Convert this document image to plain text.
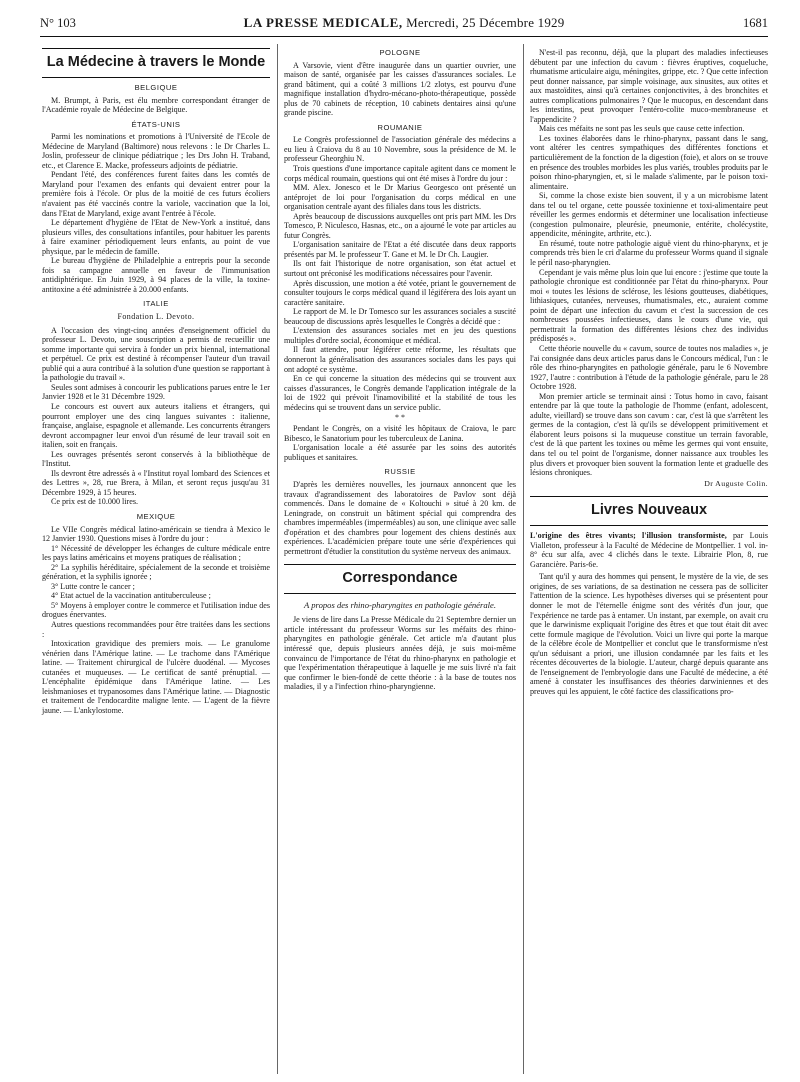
N° 103	LA PRESSE MEDICALE, Mercredi, 25 Décembre 1929	1681
La Médecine à travers le Monde
BELGIQUE

M. Brumpt, à Paris, est élu membre correspondant étranger de l'Académie royale de Médecine de Belgique.

ÉTATS-UNIS

Parmi les nominations et promotions à l'Université de l'Ecole de Médecine de Maryland (Baltimore) nous relevons : le Dr Charles L. Joslin, professeur de clinique pédiatrique ; les Drs John H. Traband, etc., et Clarence E. Macke, professeurs adjoints de pédiatrie.

Pendant l'été, des conférences furent faites dans les comtés de Maryland pour l'examen des enfants qui devaient entrer pour la première fois à l'école. Or plus de la moitié de ces futurs écoliers n'avaient pas été vaccinés contre la variole, vaccination que la loi, dans l'Etat de Maryland, exige avant l'entrée à l'école.

Le département d'hygiène de l'Etat de New-York a institué, dans plusieurs villes, des consultations infantiles, pour habituer les parents à faire examiner périodiquement leurs enfants, au point de vue physique, par le médecin de famille.

Le bureau d'hygiène de Philadelphie a entrepris pour la seconde fois sa campagne annuelle en faveur de l'immunisation antidiphtérique. En Juin 1929, à 94 places de la ville, la toxine-antitoxine a été administrée à 20.000 enfants.

ITALIE
Fondation L. Devoto.

A l'occasion des vingt-cinq années d'enseignement officiel du professeur L. Devoto, une souscription a permis de recueillir une somme importante qui servira à fonder un prix biennal, international et perpétuel. Ce prix est destiné à récompenser l'auteur d'un travail publié qui a aura contribué à la solution d'une question se rapportant à la pathologie du travail ».

Seules sont admises à concourir les publications parues entre le 1er Janvier 1928 et le 31 Décembre 1929.

Le concours est ouvert aux auteurs italiens et étrangers, qui pourront employer une des cinq langues suivantes : italienne, française, anglaise, espagnole et allemande. Les concurrents étrangers devront accompagner leur envoi d'un résumé de leur travail soit en italien, soit en français.

Les ouvrages présentés seront conservés à la bibliothèque de l'Institut.

Ils devront être adressés à « l'Institut royal lombard des Sciences et des Lettres », 28, rue Brera, à Milan, et seront reçus jusqu'au 31 Décembre 1929, à 15 heures.

Ce prix est de 10.000 lires.

MEXIQUE

Le VIIe Congrès médical latino-américain se tiendra à Mexico le 12 Janvier 1930. Questions mises à l'ordre du jour :

1° Nécessité de développer les échanges de culture médicale entre les pays latins américains et moyens pratiques de réalisation ;

2° La syphilis héréditaire, spécialement de la seconde et troisième génération, et la syphilis ignorée ;

3° Lutte contre le cancer ;

4° Etat actuel de la vaccination antituberculeuse ;

5° Moyens à employer contre le commerce et l'utilisation indue des drogues énervantes.

Autres questions recommandées pour être traitées dans les sections :

Intoxication gravidique des premiers mois. — Le granulome vénérien dans l'Amérique latine. — Le trachome dans l'Amérique latine. — Traitement chirurgical de l'ulcère duodénal. — Mycoses cutanées et muqueuses. — Le certificat de santé prénuptial. — L'encéphalite épidémique dans l'Amérique latine. — Les leishmanioses et trypanosomes dans l'Amérique latine. — Diagnostic et traitement de l'endocardite maligne lente. — L'agent de la fièvre jaune. — L'ankylostome.

POLOGNE

A Varsovie, vient d'être inaugurée dans un quartier ouvrier, une maison de santé, organisée par les caisses d'assurances sociales. Le grand bâtiment, qui a coûté 3 millions 1/2 zlotys, est pourvu d'une magnifique installation d'hydro-mécano-photo-thérapeutique, possède plus de 70 cabinets de réception, 10 cabinets dentaires ainsi qu'une grande piscine.

ROUMANIE

Le Congrès professionnel de l'association générale des médecins a eu lieu à Craiova du 8 au 10 Novembre, sous la présidence de M. le professeur Gheorghiu N.

Trois questions d'une importance capitale agitent dans ce moment le corps médical roumain, questions qui ont été mises à l'ordre du jour :

MM. Alex. Jonesco et le Dr Marius Georgesco ont présenté un antéprojet de loi pour l'organisation du corps médical en une organisation centrale ayant des filiales dans tous les districts.

Après beaucoup de discussions auxquelles ont pris part MM. les Drs Tomesco, P. Niculesco, Hasnas, etc., on a ajourné le vote par articles au futur Congrès.

L'organisation sanitaire de l'Etat a été discutée dans deux rapports présentés par M. le professeur T. Gane et M. le Dr Ch. Laugier.

Ils ont fait l'historique de notre organisation, son état actuel et surtout ont préconisé les modifications nécessaires pour l'avenir.

Après discussion, une motion a été votée, priant le gouvernement de consulter toujours le corps médical quand il légiférera des lois ayant un caractère sanitaire.

Le rapport de M. le Dr Tomesco sur les assurances sociales a suscité beaucoup de discussions après lesquelles le Congrès a décidé que :

L'extension des assurances sociales met en jeu des questions multiples d'ordre social, économique et médical.

Il faut attendre, pour légiférer cette réforme, les résultats que donneront la généralisation des assurances sociales dans les pays qui ont adopté ce système.

En ce qui concerne la situation des médecins qui se trouvent aux caisses d'assurances, le Congrès demande l'application intégrale de la loi de 1922 qui prévoit l'inamovibilité et la stabilité de tous les médecins qui se trouvent dans un service public.

* *

Pendant le Congrès, on a visité les hôpitaux de Craiova, le parc Bibesco, le Sanatorium pour les tuberculeux de Lanina.

L'organisation locale a été assurée par les soins des autorités publiques et sanitaires.

RUSSIE

D'après les dernières nouvelles, les journaux annoncent que les travaux d'agrandissement des laboratoires de Pavlov sont déjà commencés. Dans le domaine de « Koltouchi » situé à 20 km. de Leningrade, on construit un bâtiment spécial qui comprendra des chambres imperméables (imperméables) au son, une clinique avec salle d'opération et des chambres pour logement des chiens destinés aux expériences. L'académicien prépare toute une série d'expériences qui permettront d'étudier la constitution du système nerveux des animaux.

Correspondance
A propos des rhino-pharyngites en pathologie générale.

Je viens de lire dans La Presse Médicale du 21 Septembre dernier un article intéressant du professeur Worms sur les méfaits des rhino-pharyngites en pathologie générale. Cet article m'a d'autant plus intéressé que, depuis plusieurs années déjà, je suis moi-même convaincu de l'importance de l'état du rhino-pharynx en pathologie et que l'expérimentation thérapeutique à laquelle je me suis livré n'a fait que confirmer le bien-fondé de cette théorie : à la base de toutes nos maladies, il y a l'infection rhino-pharyngienne.

N'est-il pas reconnu, déjà, que la plupart des maladies infectieuses débutent par une infection du cavum : fièvres éruptives, coqueluche, rhumatisme articulaire aigu, méningites, grippe, etc. ? Que cette infection peut donner naissance, par simple voisinage, aux sinusites, aux otites et aux mastoïdites, ainsi qu'à certaines conjonctivites, à des bronchites et autres complications pulmonaires ? Que le mucopus, en descendant dans les intestins, peut provoquer l'entéro-colite muco-membraneuse et l'appendicite ?

Mais ces méfaits ne sont pas les seuls que cause cette infection.

Les toxines élaborées dans le rhino-pharynx, passant dans le sang, vont altérer les centres sympathiques des différentes fonctions et particulièrement de la fonction de la digestion (foie), et alors on se trouve en présence des troubles morbides les plus variés, troubles produits par le poison rhino-pharyngien, et, si le malade s'alimente, par le poison toxi-alimentaire.

Si, comme la chose existe bien souvent, il y a un microbisme latent dans tel ou tel organe, cette poussée toxinienne et toxi-alimentaire peut réveiller les germes endormis et déterminer une localisation infectieuse (congestion pulmonaire, pleurésie, pneumonie, entérite, cholécystite, appendicite, méningite, arthrite, etc.).

En résumé, toute notre pathologie aiguë vient du rhino-pharynx, et je comprends très bien le cri d'alarme du professeur Worms quand il signale le péril naso-pharyngien.

Cependant je vais même plus loin que lui encore : j'estime que toute la pathologie chronique est conditionnée par l'état du rhino-pharynx. Pour moi « toutes les lésions de sclérose, les lésions goutteuses, diabétiques, lithiasiques, cutanées, nerveuses, rhumatismales, etc., auraient comme point de départ une infection du cavum et c'est la succession de ces nombreuses poussées infectieuses, dans le cours d'une vie, qui permettrait la formation des différentes lésions chez des individus prédisposés ».

Cette théorie nouvelle du « cavum, source de toutes nos maladies », je l'ai consignée dans deux articles parus dans le Concours médical, l'un : le rôle des rhino-pharyngites en pathologie générale, paru le 6 Novembre 1927, l'autre : contribution à l'étude de la pathologie générale, paru le 28 Octobre 1928.

Mon premier article se terminait ainsi : Totus homo in cavo, faisant entendre par là que toute la pathologie de l'homme (enfant, adolescent, adulte, vieillard) se trouve dans son cavum : car, c'est là que s'arrêtent les germes de la contagion, c'est là qu'ils se développent primitivement et élaborent leurs poisons si la muqueuse constitue un terrain favorable, c'est de là que partent les toxines ou même les germes qui vont ensuite, dans tel ou tel point de l'organisme, donner naissance aux troubles les plus divers et provoquer bien souvent la formation lente et graduelle des lésions chroniques.

Dr Auguste Colin.
Livres Nouveaux

L'origine des êtres vivants; l'illusion transformiste, par Louis Vialleton, professeur à la Faculté de Médecine de Montpellier. 1 vol. in-8° écu sur alfa, avec 4 clichés dans le texte. Librairie Plon, 8, rue Garancière. Paris-6e.

Tant qu'il y aura des hommes qui pensent, le mystère de la vie, de ses origines, de ses variations, de sa destination ne cessera pas de solliciter l'attention de la science. Les hypothèses diverses qui se présentent pour donner le mot de l'éternelle énigme sont des vérités d'un jour, que l'expérience ne tarde pas à entamer. Un instant, par exemple, on avait cru que le darwinisme expliquait l'origine des êtres et que tout était dit avec cette formule magique de l'évolution. Voici un livre qui porte la marque de la célèbre école de Montpellier et conclut que le transformisme n'est qu'un séduisant a priori, une illusion condamnée par les faits et les récentes découvertes de la biologie. L'auteur, chargé depuis quarante ans de l'enseignement de l'embryologie dans une Faculté de médecine, a été amené à constater les insuffisances des théories darwiniennes et des preuves qui les appuient, le côté factice des classifications pro-
